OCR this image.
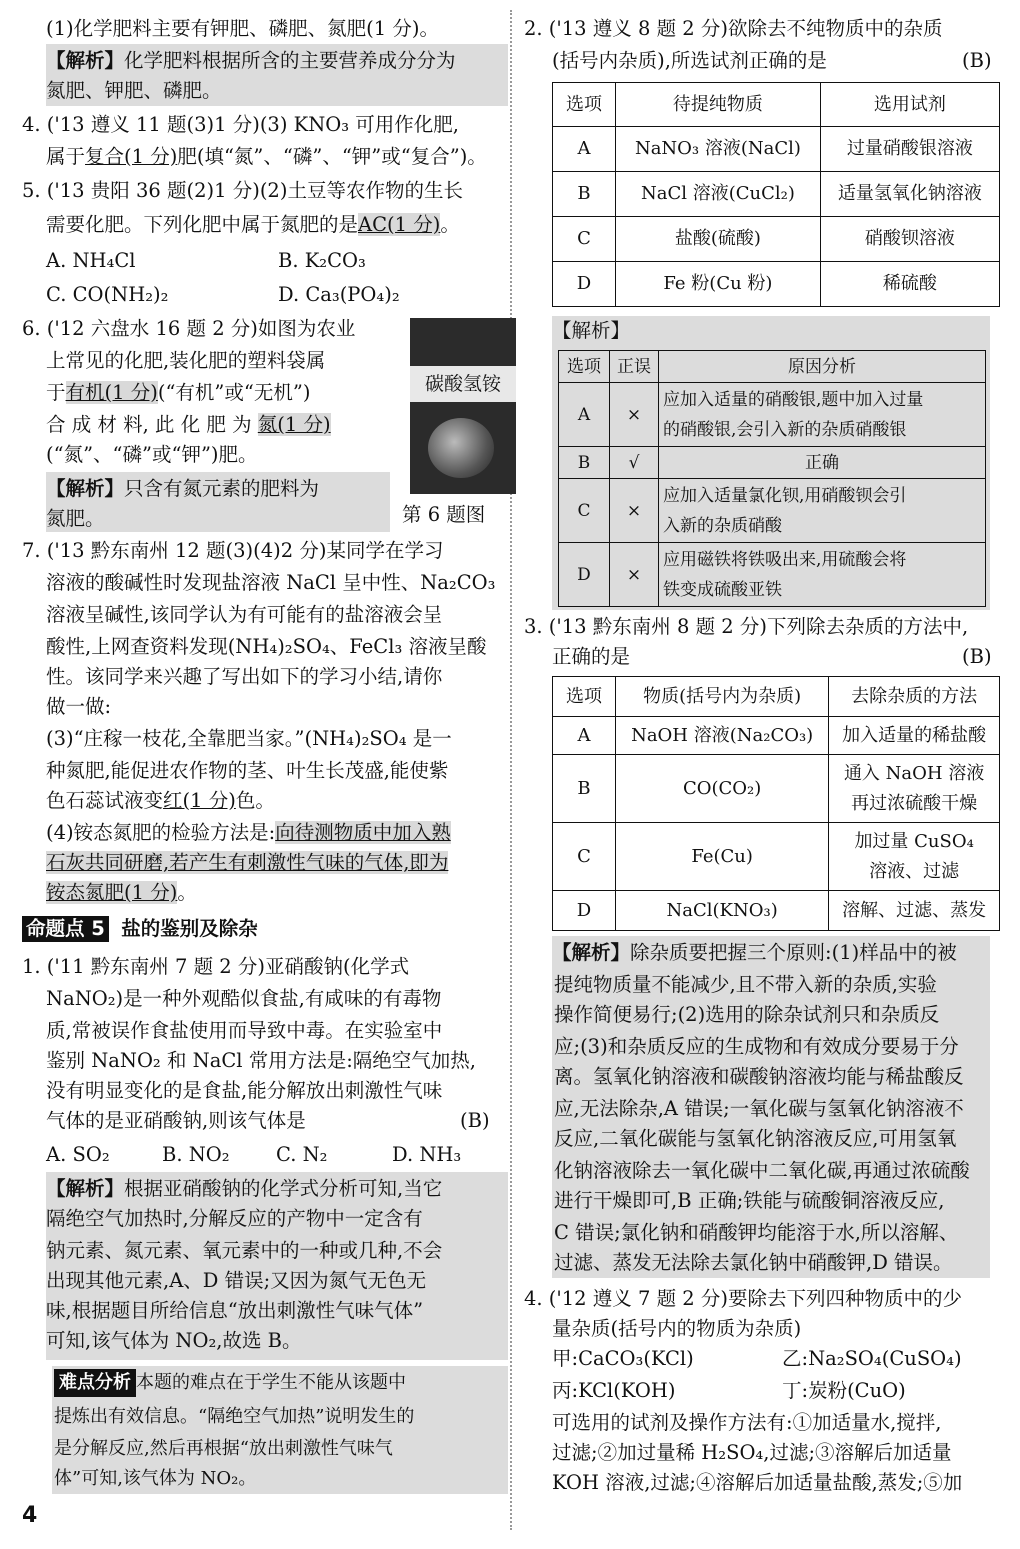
(1)化学肥料主要有钾肥、磷肥、氮肥(1 分)。
【解析】化学肥料根据所含的主要营养成分分为
氮肥、钾肥、磷肥。
4. ('13 遵义 11 题(3)1 分)(3) KNO₃ 可用作化肥,
属于复合(1 分)肥(填“氮”、“磷”、“钾”或“复合”)。
5. ('13 贵阳 36 题(2)1 分)(2)土豆等农作物的生长
需要化肥。下列化肥中属于氮肥的是AC(1 分)。
A. NH₄Cl	B. K₂CO₃
C. CO(NH₂)₂	D. Ca₃(PO₄)₂
6. ('12 六盘水 16 题 2 分)如图为农业
上常见的化肥,装化肥的塑料袋属
于有机(1 分)(“有机”或“无机”)
合 成 材 料, 此 化 肥 为 氮(1 分)
(“氮”、“磷”或“钾”)肥。
【解析】只含有氮元素的肥料为
氮肥。
碳酸氢铵
第 6 题图
7. ('13 黔东南州 12 题(3)(4)2 分)某同学在学习
溶液的酸碱性时发现盐溶液 NaCl 呈中性、Na₂CO₃
溶液呈碱性,该同学认为有可能有的盐溶液会呈
酸性,上网查资料发现(NH₄)₂SO₄、FeCl₃ 溶液呈酸
性。该同学来兴趣了写出如下的学习小结,请你
做一做:
(3)“庄稼一枝花,全靠肥当家。”(NH₄)₂SO₄ 是一
种氮肥,能促进农作物的茎、叶生长茂盛,能使紫
色石蕊试液变红(1 分)色。
(4)铵态氮肥的检验方法是:向待测物质中加入熟
石灰共同研磨,若产生有刺激性气味的气体,即为
铵态氮肥(1 分)。
命题点 5 盐的鉴别及除杂
1. ('11 黔东南州 7 题 2 分)亚硝酸钠(化学式
NaNO₂)是一种外观酷似食盐,有咸味的有毒物
质,常被误作食盐使用而导致中毒。在实验室中
鉴别 NaNO₂ 和 NaCl 常用方法是:隔绝空气加热,
没有明显变化的是食盐,能分解放出刺激性气味
气体的是亚硝酸钠,则该气体是	(B)
A. SO₂	B. NO₂ C. N₂	D. NH₃
【解析】根据亚硝酸钠的化学式分析可知,当它
隔绝空气加热时,分解反应的产物中一定含有
钠元素、氮元素、氧元素中的一种或几种,不会
出现其他元素,A、D 错误;又因为氮气无色无
味,根据题目所给信息“放出刺激性气味气体”
可知,该气体为 NO₂,故选 B。
难点分析 本题的难点在于学生不能从该题中
提炼出有效信息。“隔绝空气加热”说明发生的
是分解反应,然后再根据“放出刺激性气味气
体”可知,该气体为 NO₂。
2. ('13 遵义 8 题 2 分)欲除去不纯物质中的杂质
(括号内杂质),所选试剂正确的是	(B)
选项	待提纯物质	选用试剂
A	NaNO₃ 溶液(NaCl)	过量硝酸银溶液
B	NaCl 溶液(CuCl₂)	适量氢氧化钠溶液
C	盐酸(硫酸)	硝酸钡溶液
D	Fe 粉(Cu 粉)	稀硫酸
【解析】
选项	正误	原因分析
A	×	应加入适量的硝酸银,题中加入过量
的硝酸银,会引入新的杂质硝酸银

B	√	正确
C	×	应加入适量氯化钡,用硝酸钡会引
入新的杂质硝酸

D	×	应用磁铁将铁吸出来,用硫酸会将
铁变成硫酸亚铁
3. ('13 黔东南州 8 题 2 分)下列除去杂质的方法中,
正确的是	(B)
选项	物质(括号内为杂质)	去除杂质的方法
A	NaOH 溶液(Na₂CO₃)	加入适量的稀盐酸
B	CO(CO₂)	通入 NaOH 溶液
再过浓硫酸干燥

C	Fe(Cu)	加过量 CuSO₄
溶液、过滤

D	NaCl(KNO₃)	溶解、过滤、蒸发
【解析】除杂质要把握三个原则:(1)样品中的被
提纯物质量不能减少,且不带入新的杂质,实验
操作简便易行;(2)选用的除杂试剂只和杂质反
应;(3)和杂质反应的生成物和有效成分要易于分
离。氢氧化钠溶液和碳酸钠溶液均能与稀盐酸反
应,无法除杂,A 错误;一氧化碳与氢氧化钠溶液不
反应,二氧化碳能与氢氧化钠溶液反应,可用氢氧
化钠溶液除去一氧化碳中二氧化碳,再通过浓硫酸
进行干燥即可,B 正确;铁能与硫酸铜溶液反应,
C 错误;氯化钠和硝酸钾均能溶于水,所以溶解、
过滤、蒸发无法除去氯化钠中硝酸钾,D 错误。
4. ('12 遵义 7 题 2 分)要除去下列四种物质中的少
量杂质(括号内的物质为杂质)
甲:CaCO₃(KCl)	乙:Na₂SO₄(CuSO₄)
丙:KCl(KOH)	丁:炭粉(CuO)
可选用的试剂及操作方法有:①加适量水,搅拌,
过滤;②加过量稀 H₂SO₄,过滤;③溶解后加适量
KOH 溶液,过滤;④溶解后加适量盐酸,蒸发;⑤加
4
